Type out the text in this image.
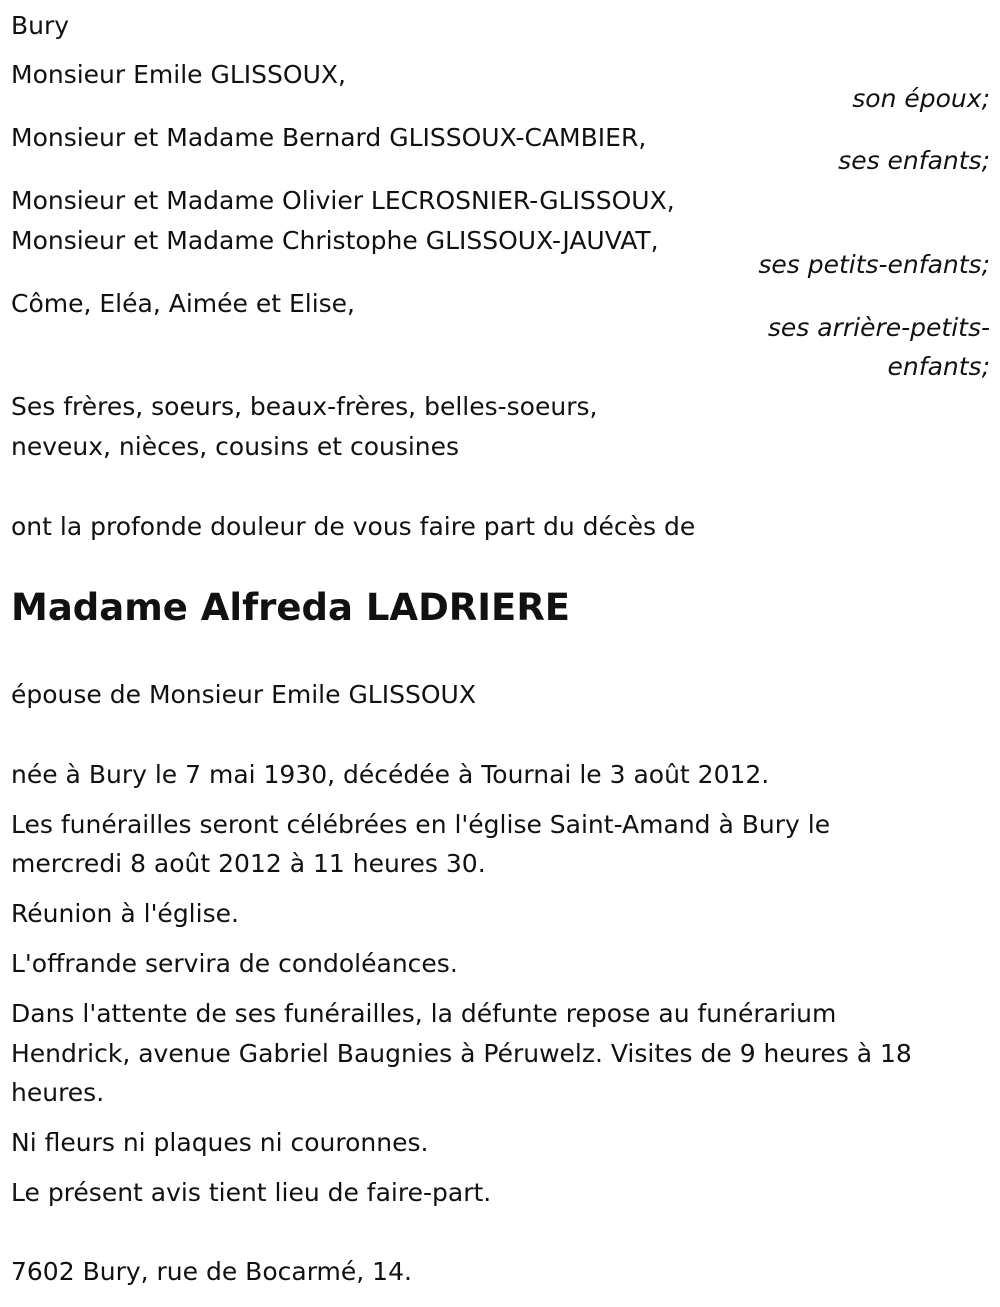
Bury
Monsieur Emile GLISSOUX,
son époux;
Monsieur et Madame Bernard GLISSOUX-CAMBIER,
ses enfants;
Monsieur et Madame Olivier LECROSNIER-GLISSOUX,
Monsieur et Madame Christophe GLISSOUX-JAUVAT,
ses petits-enfants;
Côme, Eléa, Aimée et Elise,
ses arrière-petits-
enfants;
Ses frères, soeurs, beaux-frères, belles-soeurs,
neveux, nièces, cousins et cousines
ont la profonde douleur de vous faire part du décès de
Madame Alfreda LADRIERE
épouse de Monsieur Emile GLISSOUX
née à Bury le 7 mai 1930, décédée à Tournai le 3 août 2012.
Les funérailles seront célébrées en l'église Saint-Amand à Bury le
mercredi 8 août 2012 à 11 heures 30.
Réunion à l'église.
L'offrande servira de condoléances.
Dans l'attente de ses funérailles, la défunte repose au funérarium
Hendrick, avenue Gabriel Baugnies à Péruwelz. Visites de 9 heures à 18
heures.
Ni fleurs ni plaques ni couronnes.
Le présent avis tient lieu de faire-part.
7602 Bury, rue de Bocarmé, 14.
